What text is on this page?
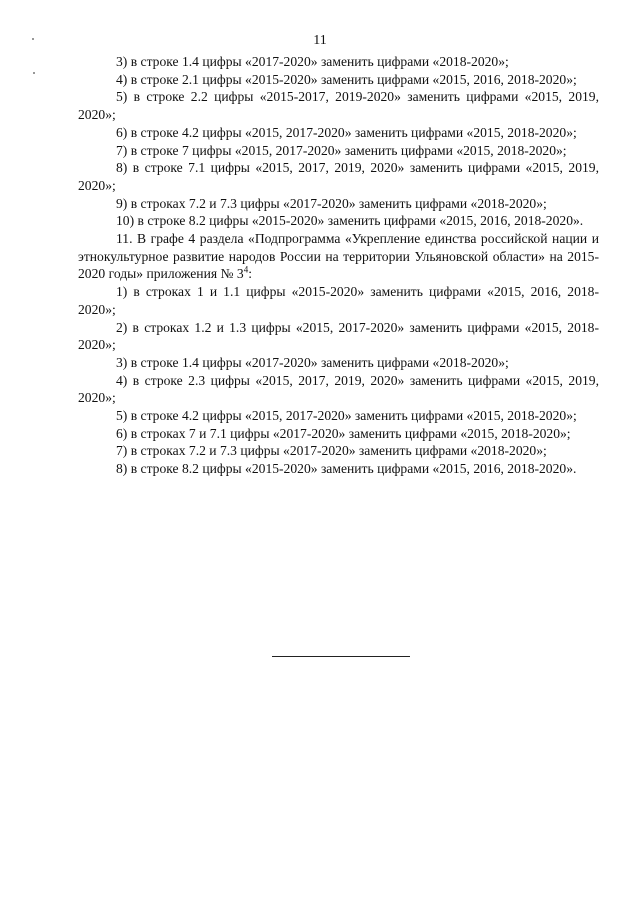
11

3) в строке 1.4 цифры «2017-2020» заменить цифрами «2018-2020»;

4) в строке 2.1 цифры «2015-2020» заменить цифрами «2015, 2016, 2018-2020»;

5) в строке 2.2 цифры «2015-2017, 2019-2020» заменить цифрами «2015, 2019, 2020»;

6) в строке 4.2 цифры «2015, 2017-2020» заменить цифрами «2015, 2018-2020»;

7) в строке 7 цифры «2015, 2017-2020» заменить цифрами «2015, 2018-2020»;

8) в строке 7.1 цифры «2015, 2017, 2019, 2020» заменить цифрами «2015, 2019, 2020»;

9) в строках 7.2 и 7.3 цифры «2017-2020» заменить цифрами «2018-2020»;

10) в строке 8.2 цифры «2015-2020» заменить цифрами «2015, 2016, 2018-2020».

11. В графе 4 раздела «Подпрограмма «Укрепление единства российской нации и этнокультурное развитие народов России на территории Ульяновской области» на 2015-2020 годы» приложения № $3^4$:

1) в строках 1 и 1.1 цифры «2015-2020» заменить цифрами «2015, 2016, 2018-2020»;

2) в строках 1.2 и 1.3 цифры «2015, 2017-2020» заменить цифрами «2015, 2018-2020»;

3) в строке 1.4 цифры «2017-2020» заменить цифрами «2018-2020»;

4) в строке 2.3 цифры «2015, 2017, 2019, 2020» заменить цифрами «2015, 2019, 2020»;

5) в строке 4.2 цифры «2015, 2017-2020» заменить цифрами «2015, 2018-2020»;

6) в строках 7 и 7.1 цифры «2017-2020» заменить цифрами «2015, 2018-2020»;

7) в строках 7.2 и 7.3 цифры «2017-2020» заменить цифрами «2018-2020»;

8) в строке 8.2 цифры «2015-2020» заменить цифрами «2015, 2016, 2018-2020».
